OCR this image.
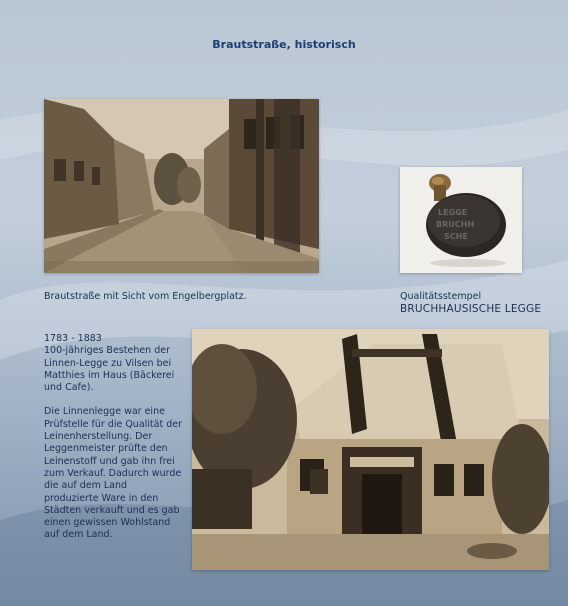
Brautstraße, historisch
LEGGE
BRUCHH
SCHE
Brautstraße mit Sicht vom Engelbergplatz.	Qualitätsstempel
BRUCHHAUSISCHE LEGGE

1783 - 1883
100-jähriges Bestehen der Linnen-Legge zu Vilsen bei Matthies im Haus (Bäckerei und Cafe).

Die Linnenlegge war eine Prüfstelle für die Qualität der Leinenherstellung. Der Leggenmeister prüfte den Leinenstoff und gab ihn frei zum Verkauf. Dadurch wurde die auf dem Land produzierte Ware in den Städten verkauft und es gab einen gewissen Wohlstand auf dem Land.
